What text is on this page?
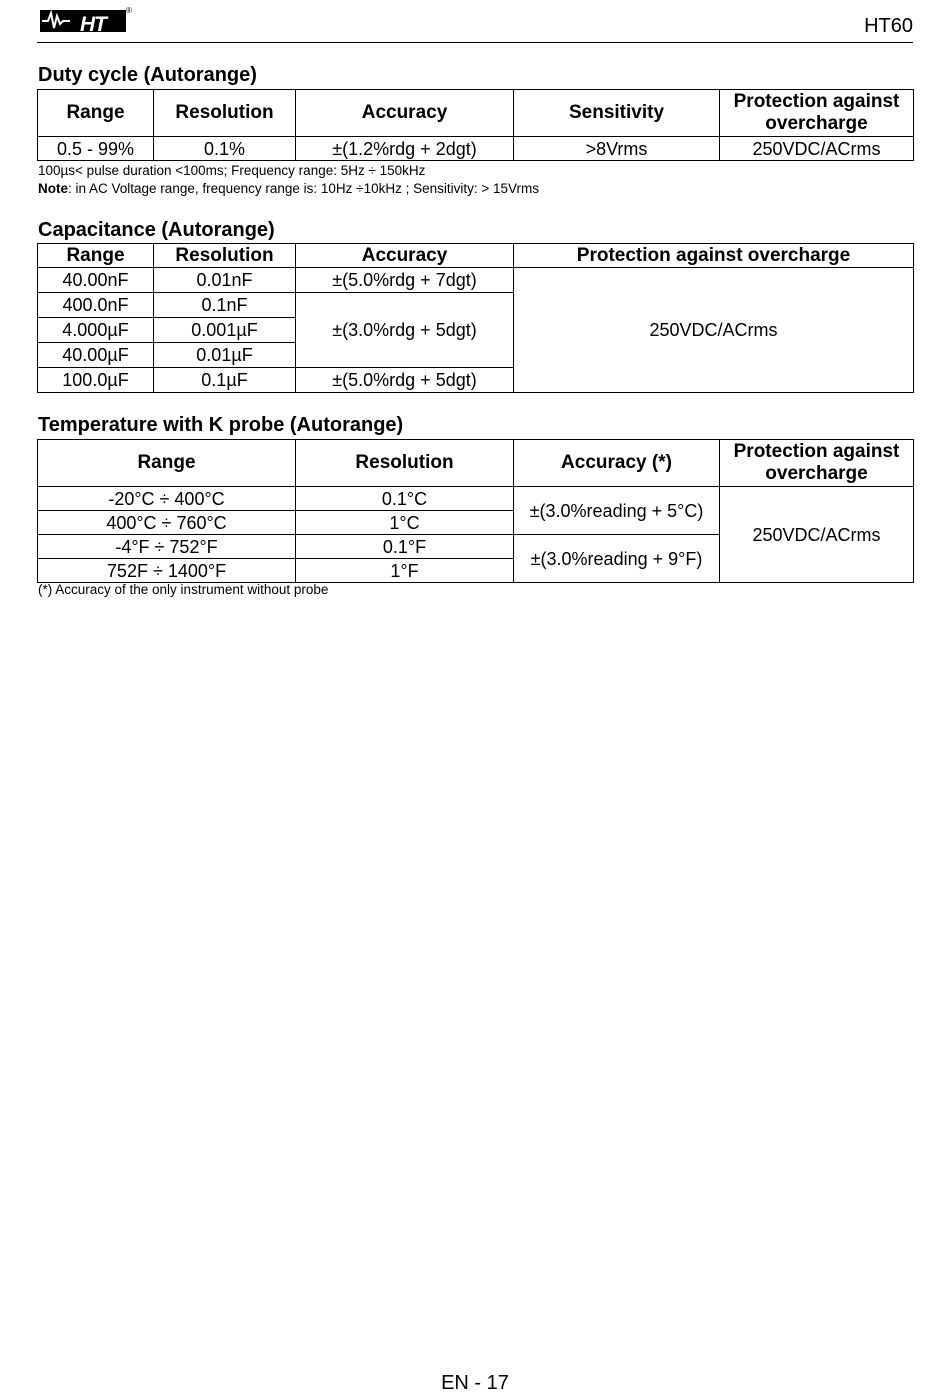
HT
®
HT60
Duty cycle (Autorange)
Range	Resolution	Accuracy	Sensitivity	Protection against overcharge
0.5 - 99%	0.1%	±(1.2%rdg + 2dgt)	>8Vrms	250VDC/ACrms
100µs< pulse duration <100ms; Frequency range: 5Hz ÷ 150kHz
Note: in AC Voltage range, frequency range is: 10Hz ÷10kHz ; Sensitivity: > 15Vrms
Capacitance (Autorange)
Range	Resolution	Accuracy	Protection against overcharge
40.00nF	0.01nF	±(5.0%rdg + 7dgt)	250VDC/ACrms
400.0nF	0.1nF	±(3.0%rdg + 5dgt)	
4.000µF	0.001µF		
40.00µF	0.01µF		
100.0µF	0.1µF	±(5.0%rdg + 5dgt)	
Temperature with K probe (Autorange)
Range	Resolution	Accuracy (*)	Protection against overcharge
-20°C ÷ 400°C	0.1°C	±(3.0%reading + 5°C)	250VDC/ACrms
400°C ÷ 760°C	1°C		
-4°F ÷ 752°F	0.1°F	±(3.0%reading + 9°F)	
752F ÷ 1400°F	1°F		
(*) Accuracy of the only instrument without probe
EN - 17
